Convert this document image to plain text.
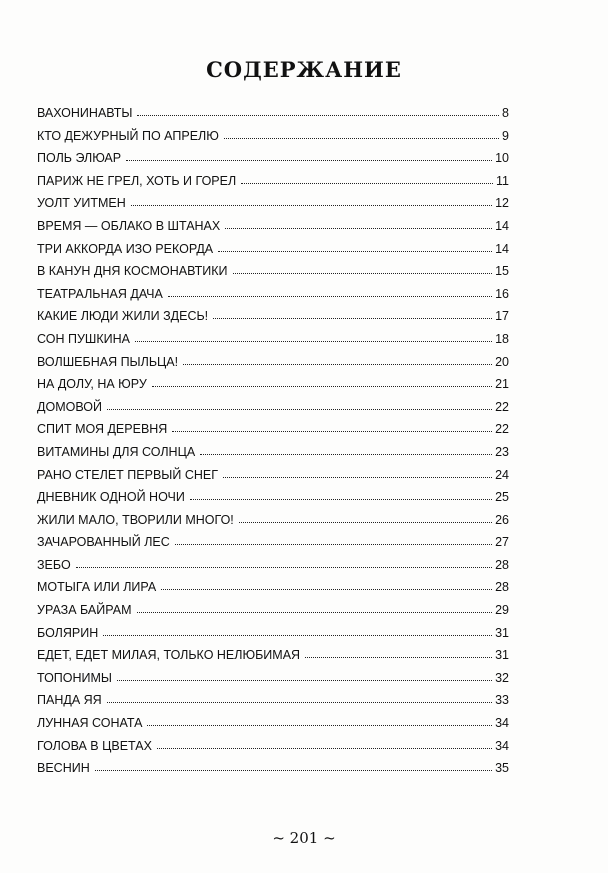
СОДЕРЖАНИЕ
ВАХОНИНАВТЫ	8
КТО ДЕЖУРНЫЙ ПО АПРЕЛЮ	9
ПОЛЬ ЭЛЮАР	10
ПАРИЖ НЕ ГРЕЛ, ХОТЬ И ГОРЕЛ	11
УОЛТ УИТМЕН	12
ВРЕМЯ — ОБЛАКО В ШТАНАХ	14
ТРИ АККОРДА ИЗО РЕКОРДА	14
В КАНУН ДНЯ КОСМОНАВТИКИ	15
ТЕАТРАЛЬНАЯ ДАЧА	16
КАКИЕ ЛЮДИ ЖИЛИ ЗДЕСЬ!	17
СОН ПУШКИНА	18
ВОЛШЕБНАЯ ПЫЛЬЦА!	20
НА ДОЛУ, НА ЮРУ	21
ДОМОВОЙ	22
СПИТ МОЯ ДЕРЕВНЯ	22
ВИТАМИНЫ ДЛЯ СОЛНЦА	23
РАНО СТЕЛЕТ ПЕРВЫЙ СНЕГ	24
ДНЕВНИК ОДНОЙ НОЧИ	25
ЖИЛИ МАЛО, ТВОРИЛИ МНОГО!	26
ЗАЧАРОВАННЫЙ ЛЕС	27
ЗЕБО	28
МОТЫГА ИЛИ ЛИРА	28
УРАЗА БАЙРАМ	29
БОЛЯРИН	31
ЕДЕТ, ЕДЕТ МИЛАЯ, ТОЛЬКО НЕЛЮБИМАЯ	31
ТОПОНИМЫ	32
ПАНДА ЯЯ	33
ЛУННАЯ СОНАТА	34
ГОЛОВА В ЦВЕТАХ	34
ВЕСНИН	35
~ 201 ~
